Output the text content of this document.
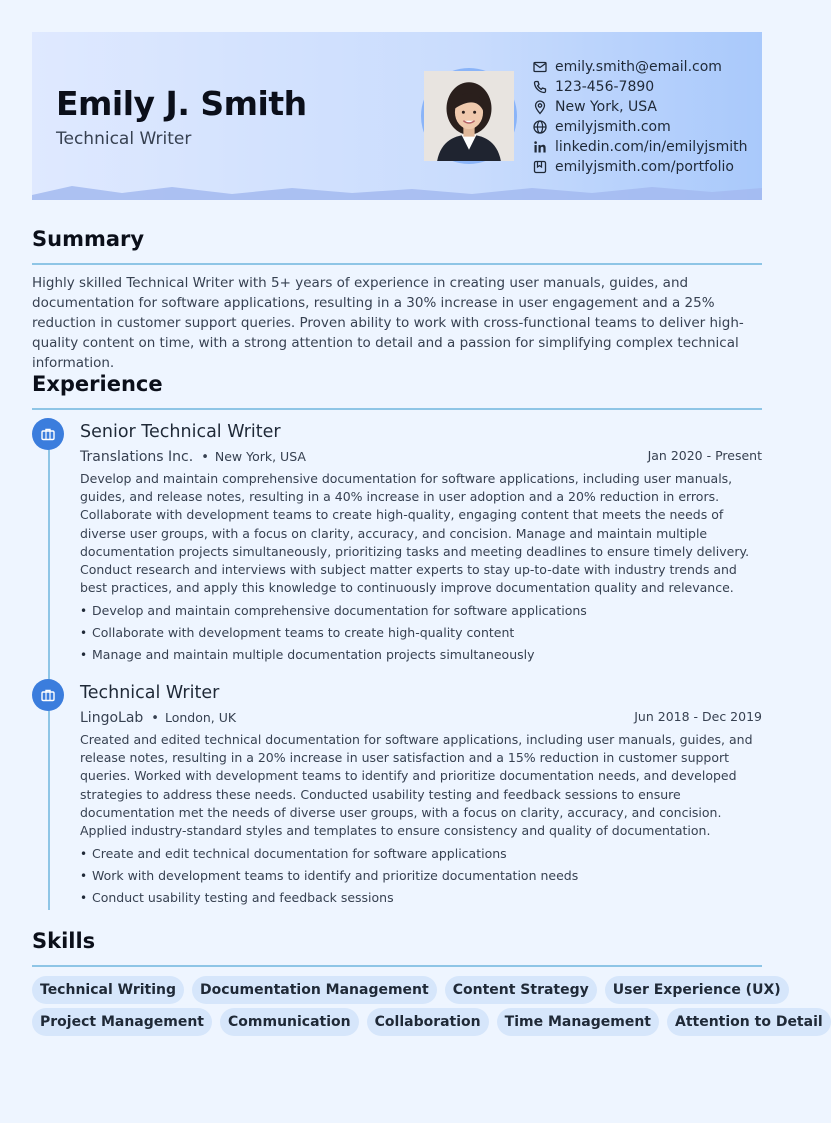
Emily J. Smith
Technical Writer
emily.smith@email.com
123-456-7890
New York, USA
emilyjsmith.com
linkedin.com/in/emilyjsmith
emilyjsmith.com/portfolio
Summary
Highly skilled Technical Writer with 5+ years of experience in creating user manuals, guides, and documentation for software applications, resulting in a 30% increase in user engagement and a 25% reduction in customer support queries. Proven ability to work with cross-functional teams to deliver high-quality content on time, with a strong attention to detail and a passion for simplifying complex technical information.
Experience
Senior Technical Writer
Translations Inc. • New York, USA	Jan 2020 - Present
Develop and maintain comprehensive documentation for software applications, including user manuals, guides, and release notes, resulting in a 40% increase in user adoption and a 20% reduction in errors. Collaborate with development teams to create high-quality, engaging content that meets the needs of diverse user groups, with a focus on clarity, accuracy, and concision. Manage and maintain multiple documentation projects simultaneously, prioritizing tasks and meeting deadlines to ensure timely delivery. Conduct research and interviews with subject matter experts to stay up-to-date with industry trends and best practices, and apply this knowledge to continuously improve documentation quality and relevance.
• Develop and maintain comprehensive documentation for software applications
• Collaborate with development teams to create high-quality content
• Manage and maintain multiple documentation projects simultaneously
Technical Writer
LingoLab • London, UK	Jun 2018 - Dec 2019
Created and edited technical documentation for software applications, including user manuals, guides, and release notes, resulting in a 20% increase in user satisfaction and a 15% reduction in customer support queries. Worked with development teams to identify and prioritize documentation needs, and developed strategies to address these needs. Conducted usability testing and feedback sessions to ensure documentation met the needs of diverse user groups, with a focus on clarity, accuracy, and concision. Applied industry-standard styles and templates to ensure consistency and quality of documentation.
• Create and edit technical documentation for software applications
• Work with development teams to identify and prioritize documentation needs
• Conduct usability testing and feedback sessions
Skills
Technical Writing	Documentation Management	Content Strategy	User Experience (UX)
Project Management	Communication	Collaboration	Time Management	Attention to Detail
